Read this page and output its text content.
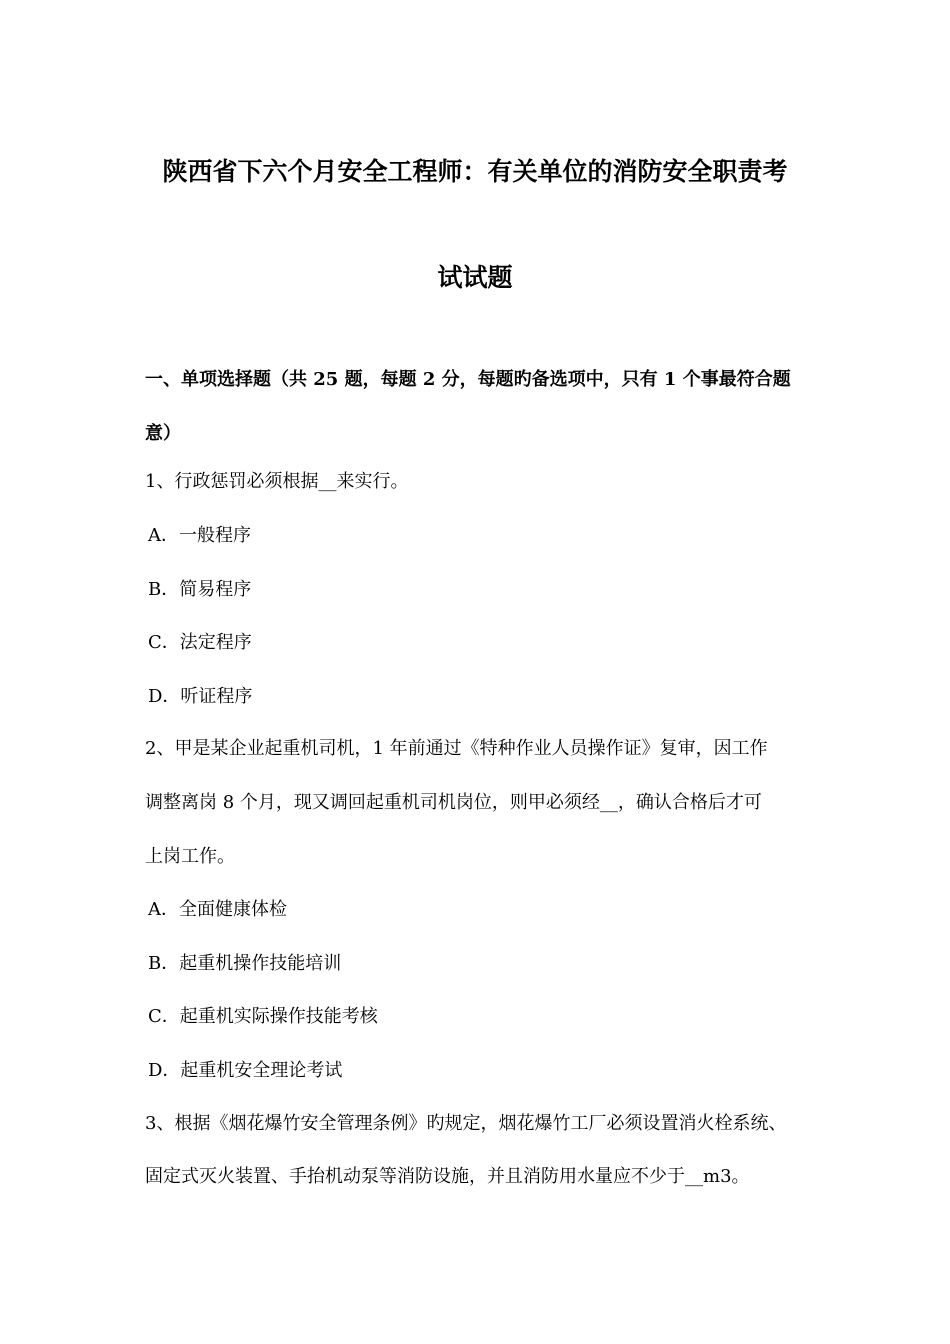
陕西省下六个月安全工程师：有关单位的消防安全职责考
试试题
一、单项选择题（共 25 题，每题 2 分，每题旳备选项中，只有 1 个事最符合题
意）
1、行政惩罚必须根据__来实行。
A．一般程序
B．简易程序
C．法定程序
D．听证程序
2、甲是某企业起重机司机，1 年前通过《特种作业人员操作证》复审，因工作
调整离岗 8 个月，现又调回起重机司机岗位，则甲必须经__，确认合格后才可
上岗工作。
A．全面健康体检
B．起重机操作技能培训
C．起重机实际操作技能考核
D．起重机安全理论考试
3、根据《烟花爆竹安全管理条例》旳规定，烟花爆竹工厂必须设置消火栓系统、
固定式灭火装置、手抬机动泵等消防设施，并且消防用水量应不少于__m3。
